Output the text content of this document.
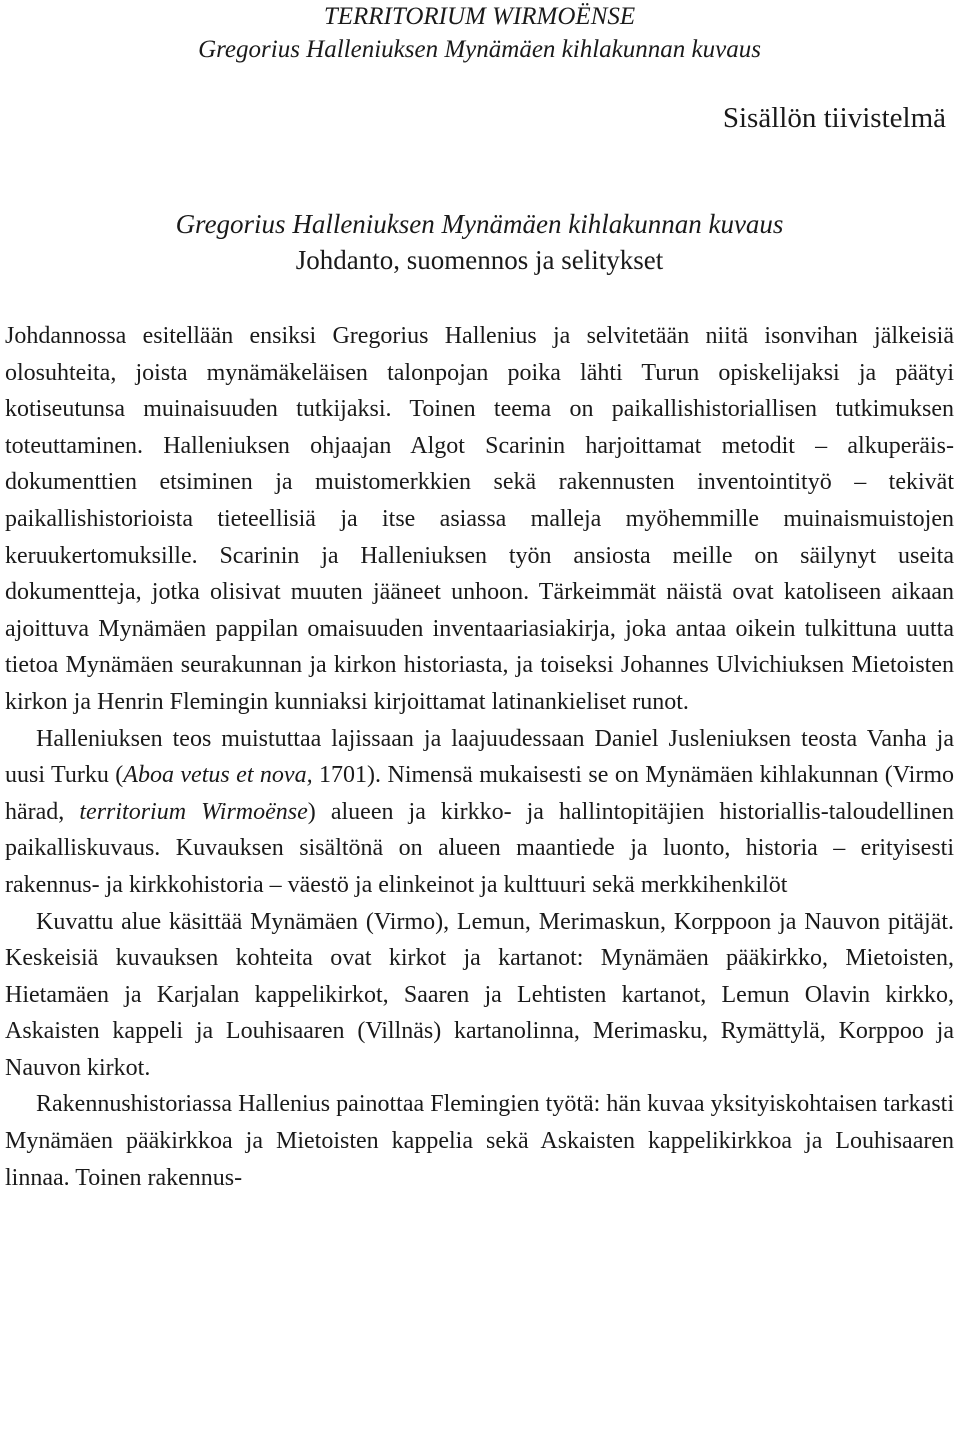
TERRITORIUM WIRMOËNSE
Gregorius Halleniuksen Mynämäen kihlakunnan kuvaus
Sisällön tiivistelmä
Gregorius Halleniuksen Mynämäen kihlakunnan kuvaus
Johdanto, suomennos ja selitykset

Johdannossa esitellään ensiksi Gregorius Hallenius ja selvitetään niitä isonvihan jälkeisiä olosuhteita, joista mynämäkeläisen talonpojan poika lähti Turun opiskelijaksi ja päätyi kotiseutunsa muinaisuuden tutkijaksi. Toinen teema on paikallishistoriallisen tutkimuksen toteuttaminen. Halleniuksen ohjaajan Algot Scarinin harjoittamat metodit – alkuperäisdokumenttien etsiminen ja muistomerkkien sekä rakennusten inventointityö – tekivät paikallishistorioista tieteellisiä ja itse asiassa malleja myöhemmille muinaismuistojen keruukertomuksille. Scarinin ja Halleniuksen työn ansiosta meille on säilynyt useita dokumentteja, jotka olisivat muuten jääneet unhoon. Tärkeimmät näistä ovat katoliseen aikaan ajoittuva Mynämäen pappilan omaisuuden inventaariasiakirja, joka antaa oikein tulkittuna uutta tietoa Mynämäen seurakunnan ja kirkon historiasta, ja toiseksi Johannes Ulvichiuksen Mietoisten kirkon ja Henrin Flemingin kunniaksi kirjoittamat latinankieliset runot.

Halleniuksen teos muistuttaa lajissaan ja laajuudessaan Daniel Jusleniuksen teosta Vanha ja uusi Turku (Aboa vetus et nova, 1701). Nimensä mukaisesti se on Mynämäen kihlakunnan (Virmo härad, territorium Wirmoënse) alueen ja kirkko- ja hallintopitäjien historiallis-taloudellinen paikalliskuvaus. Kuvauksen sisältönä on alueen maantiede ja luonto, historia – erityisesti rakennus- ja kirkkohistoria – väestö ja elinkeinot ja kulttuuri sekä merkkihenkilöt

Kuvattu alue käsittää Mynämäen (Virmo), Lemun, Merimaskun, Korppoon ja Nauvon pitäjät. Keskeisiä kuvauksen kohteita ovat kirkot ja kartanot: Mynämäen pääkirkko, Mietoisten, Hietamäen ja Karjalan kappelikirkot, Saaren ja Lehtisten kartanot, Lemun Olavin kirkko, Askaisten kappeli ja Louhisaaren (Villnäs) kartanolinna, Merimasku, Rymättylä, Korppoo ja Nauvon kirkot.

Rakennushistoriassa Hallenius painottaa Flemingien työtä: hän kuvaa yksityiskohtaisen tarkasti Mynämäen pääkirkkoa ja Mietoisten kappelia sekä Askaisten kappelikirkkoa ja Louhisaaren linnaa. Toinen rakennus-
